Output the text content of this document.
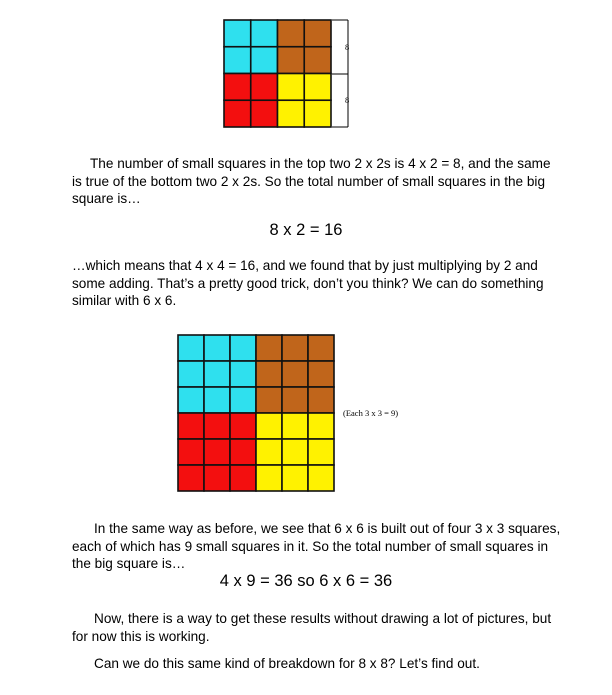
8
8

The number of small squares in the top two 2 x 2s is 4 x 2 = 8, and the same is true of the bottom two 2 x 2s. So the total number of small squares in the big square is…

8 x 2 = 16

…which means that 4 x 4 = 16, and we found that by just multiplying by 2 and some adding. That’s a pretty good trick, don’t you think? We can do something similar with 6 x 6.

(Each 3 x 3 = 9)

In the same way as before, we see that 6 x 6 is built out of four 3 x 3 squares, each of which has 9 small squares in it. So the total number of small squares in the big square is…

4 x 9 = 36 so 6 x 6 = 36

Now, there is a way to get these results without drawing a lot of pictures, but for now this is working.

Can we do this same kind of breakdown for 8 x 8? Let’s find out.
